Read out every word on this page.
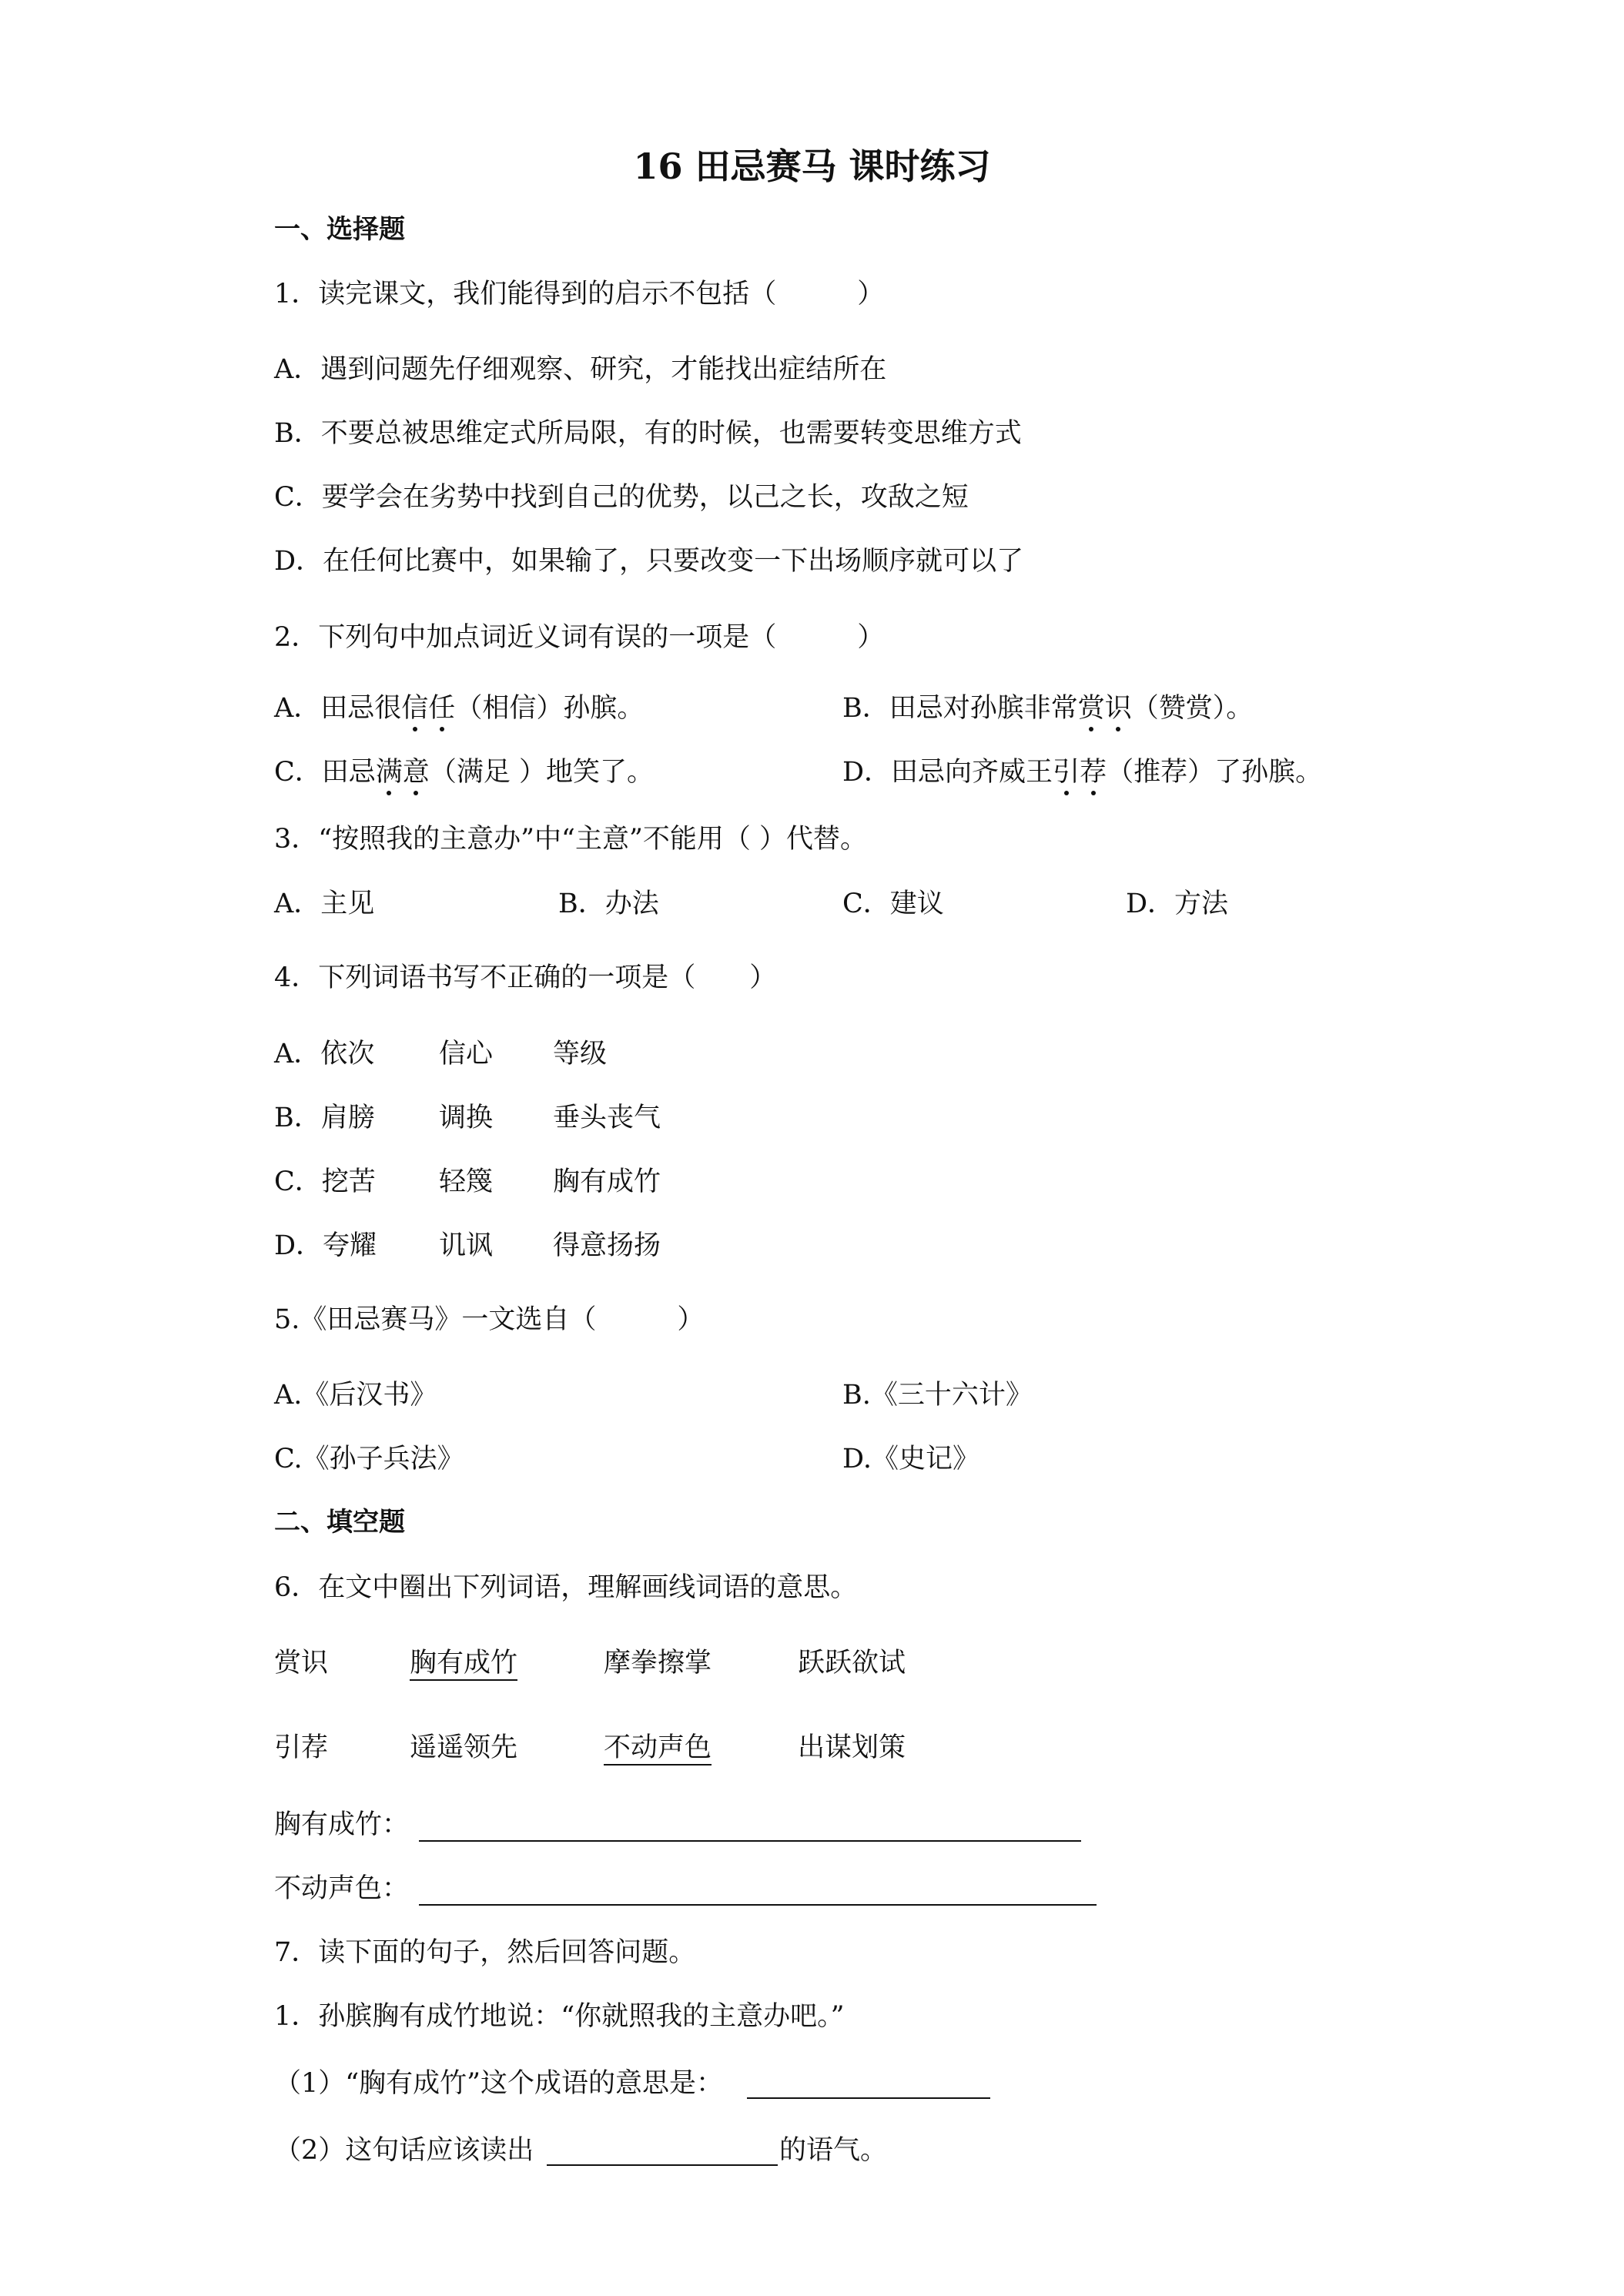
16 田忌赛马 课时练习
一、选择题
1．读完课文，我们能得到的启示不包括（　　　）
A．遇到问题先仔细观察、研究，才能找出症结所在
B．不要总被思维定式所局限，有的时候，也需要转变思维方式
C．要学会在劣势中找到自己的优势，以己之长，攻敌之短
D．在任何比赛中，如果输了，只要改变一下出场顺序就可以了
2．下列句中加点词近义词有误的一项是（　　　）
A．田忌很信任（相信）孙膑。	B．田忌对孙膑非常赏识（赞赏）。
C．田忌满意（满足 ）地笑了。	D．田忌向齐威王引荐（推荐）了孙膑。
3．“按照我的主意办”中“主意”不能用（ ）代替。
A．主见	B．办法	C．建议	D．方法
4．下列词语书写不正确的一项是（　　）
A．依次 信心 等级
B．肩膀 调换 垂头丧气
C．挖苦 轻篾 胸有成竹
D．夸耀 讥讽 得意扬扬
5.《田忌赛马》一文选自（　　　）
A.《后汉书》	B.《三十六计》
C.《孙子兵法》	D.《史记》
二、填空题
6．在文中圈出下列词语，理解画线词语的意思。
赏识	胸有成竹	摩拳擦掌	跃跃欲试
引荐	遥遥领先	不动声色	出谋划策
胸有成竹：
不动声色：
7．读下面的句子，然后回答问题。
1．孙膑胸有成竹地说：“你就照我的主意办吧。”
（1）“胸有成竹”这个成语的意思是：
（2）这句话应该读出	的语气。
